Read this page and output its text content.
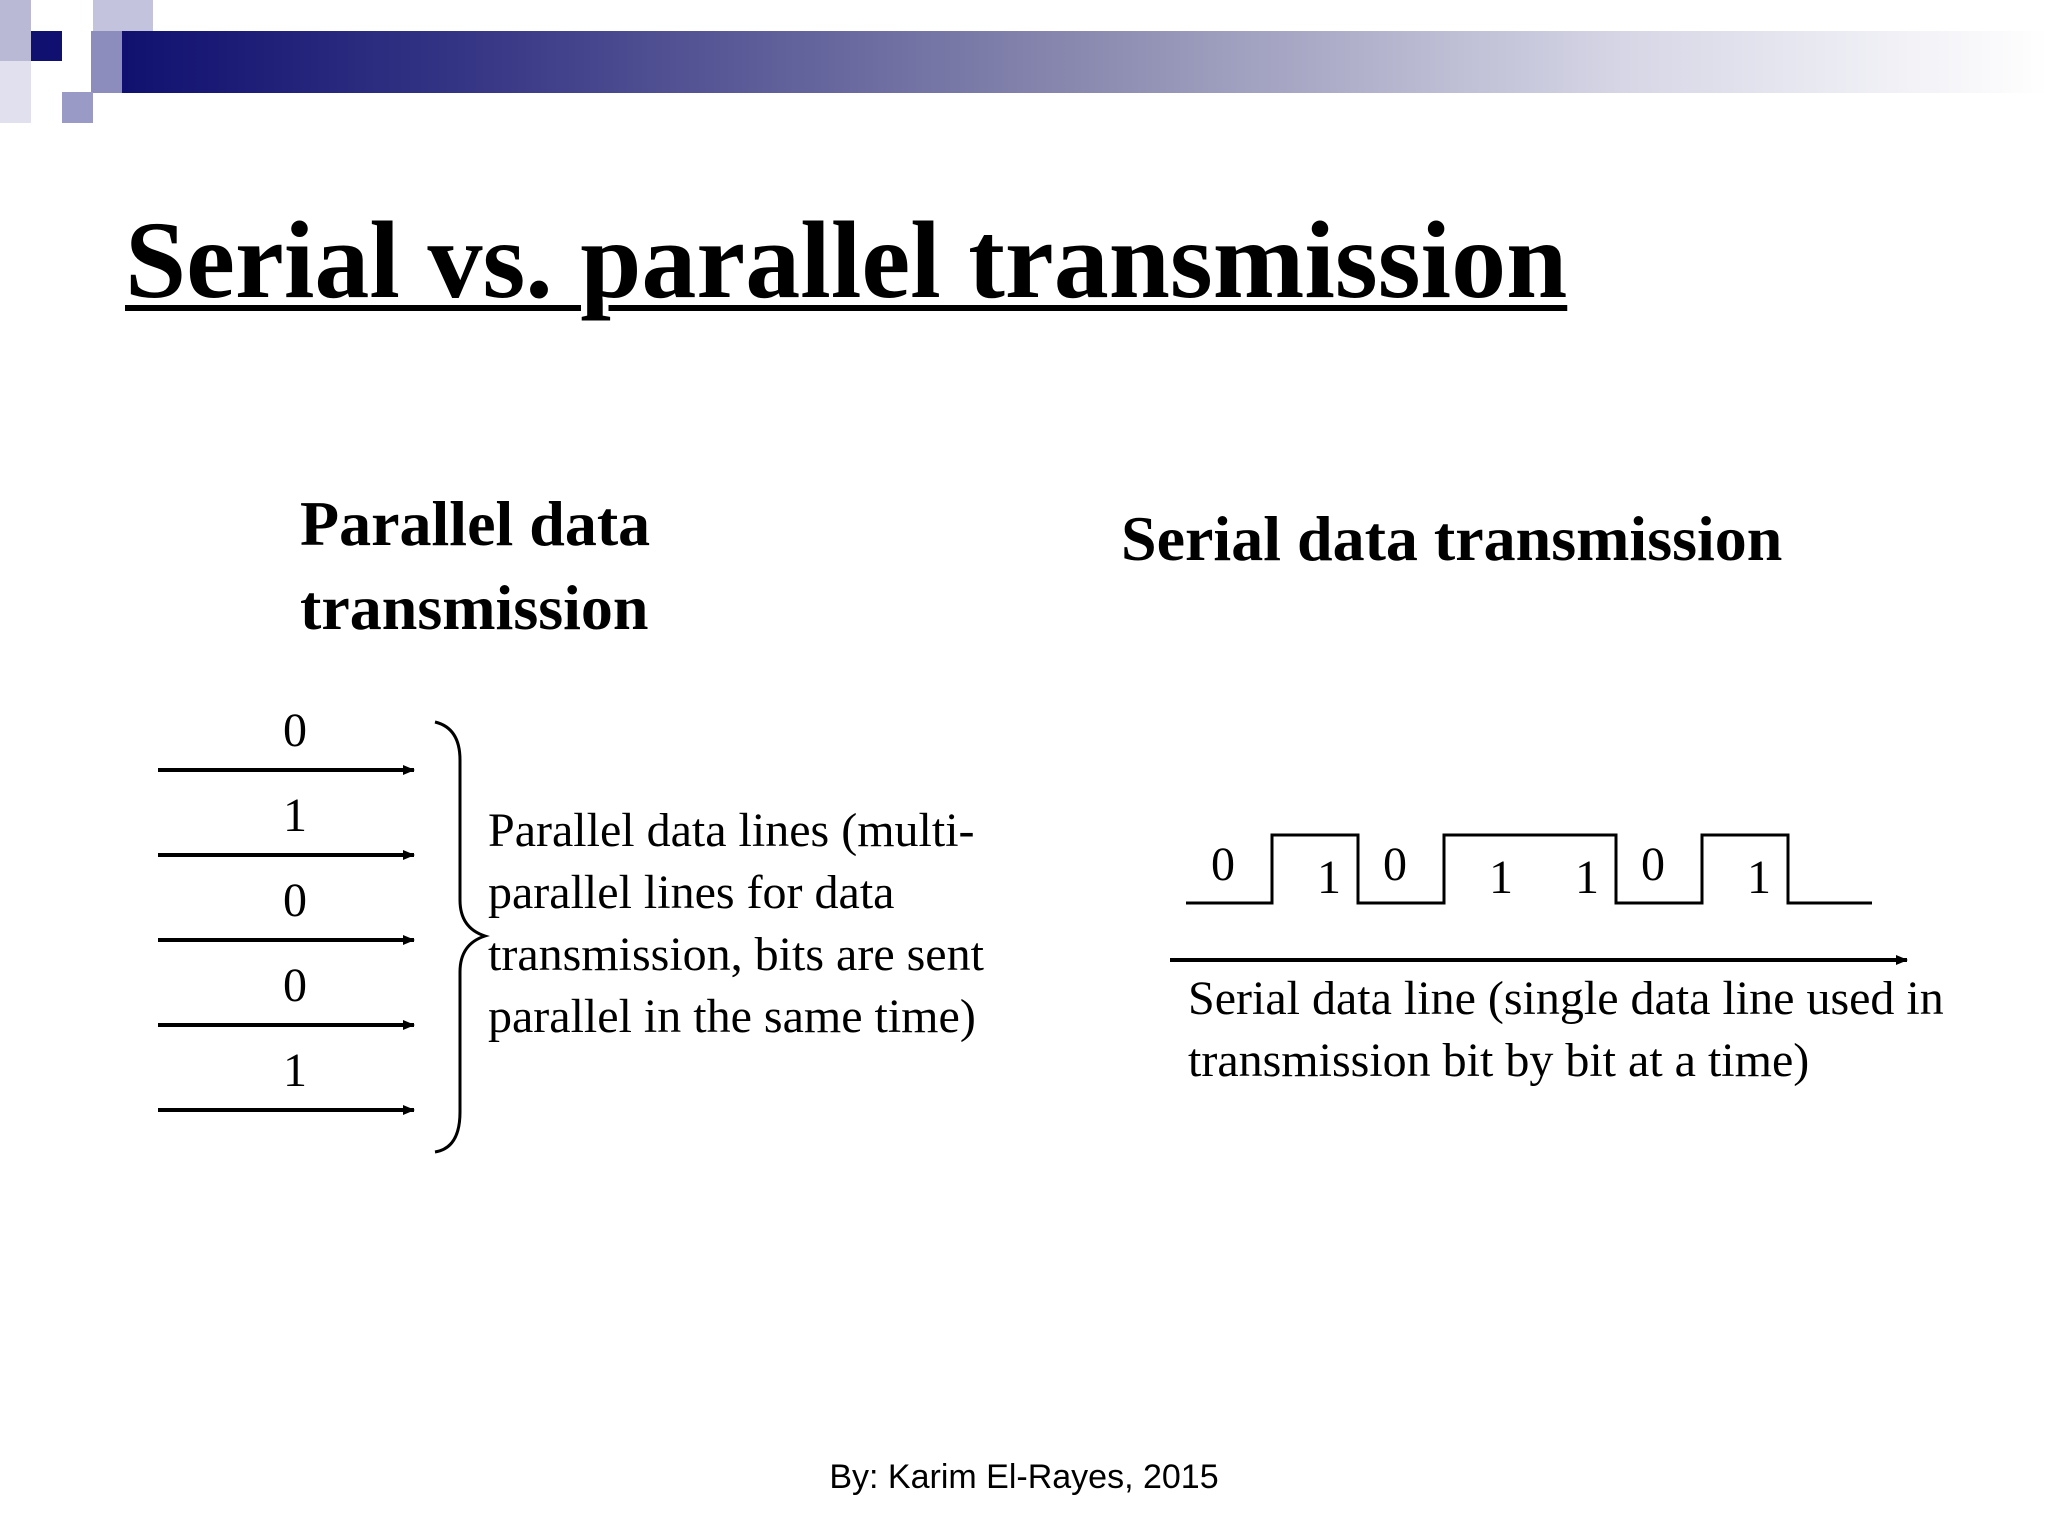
Serial vs. parallel transmission
Parallel data
transmission
Serial data transmission
0
1
0
0
1
0 1 0 1 1 0 1

Parallel data lines (multi-parallel lines for data transmission, bits are sent parallel in the same time)	Serial data line (single data line used in transmission bit by bit at a time)

By: Karim El-Rayes, 2015
